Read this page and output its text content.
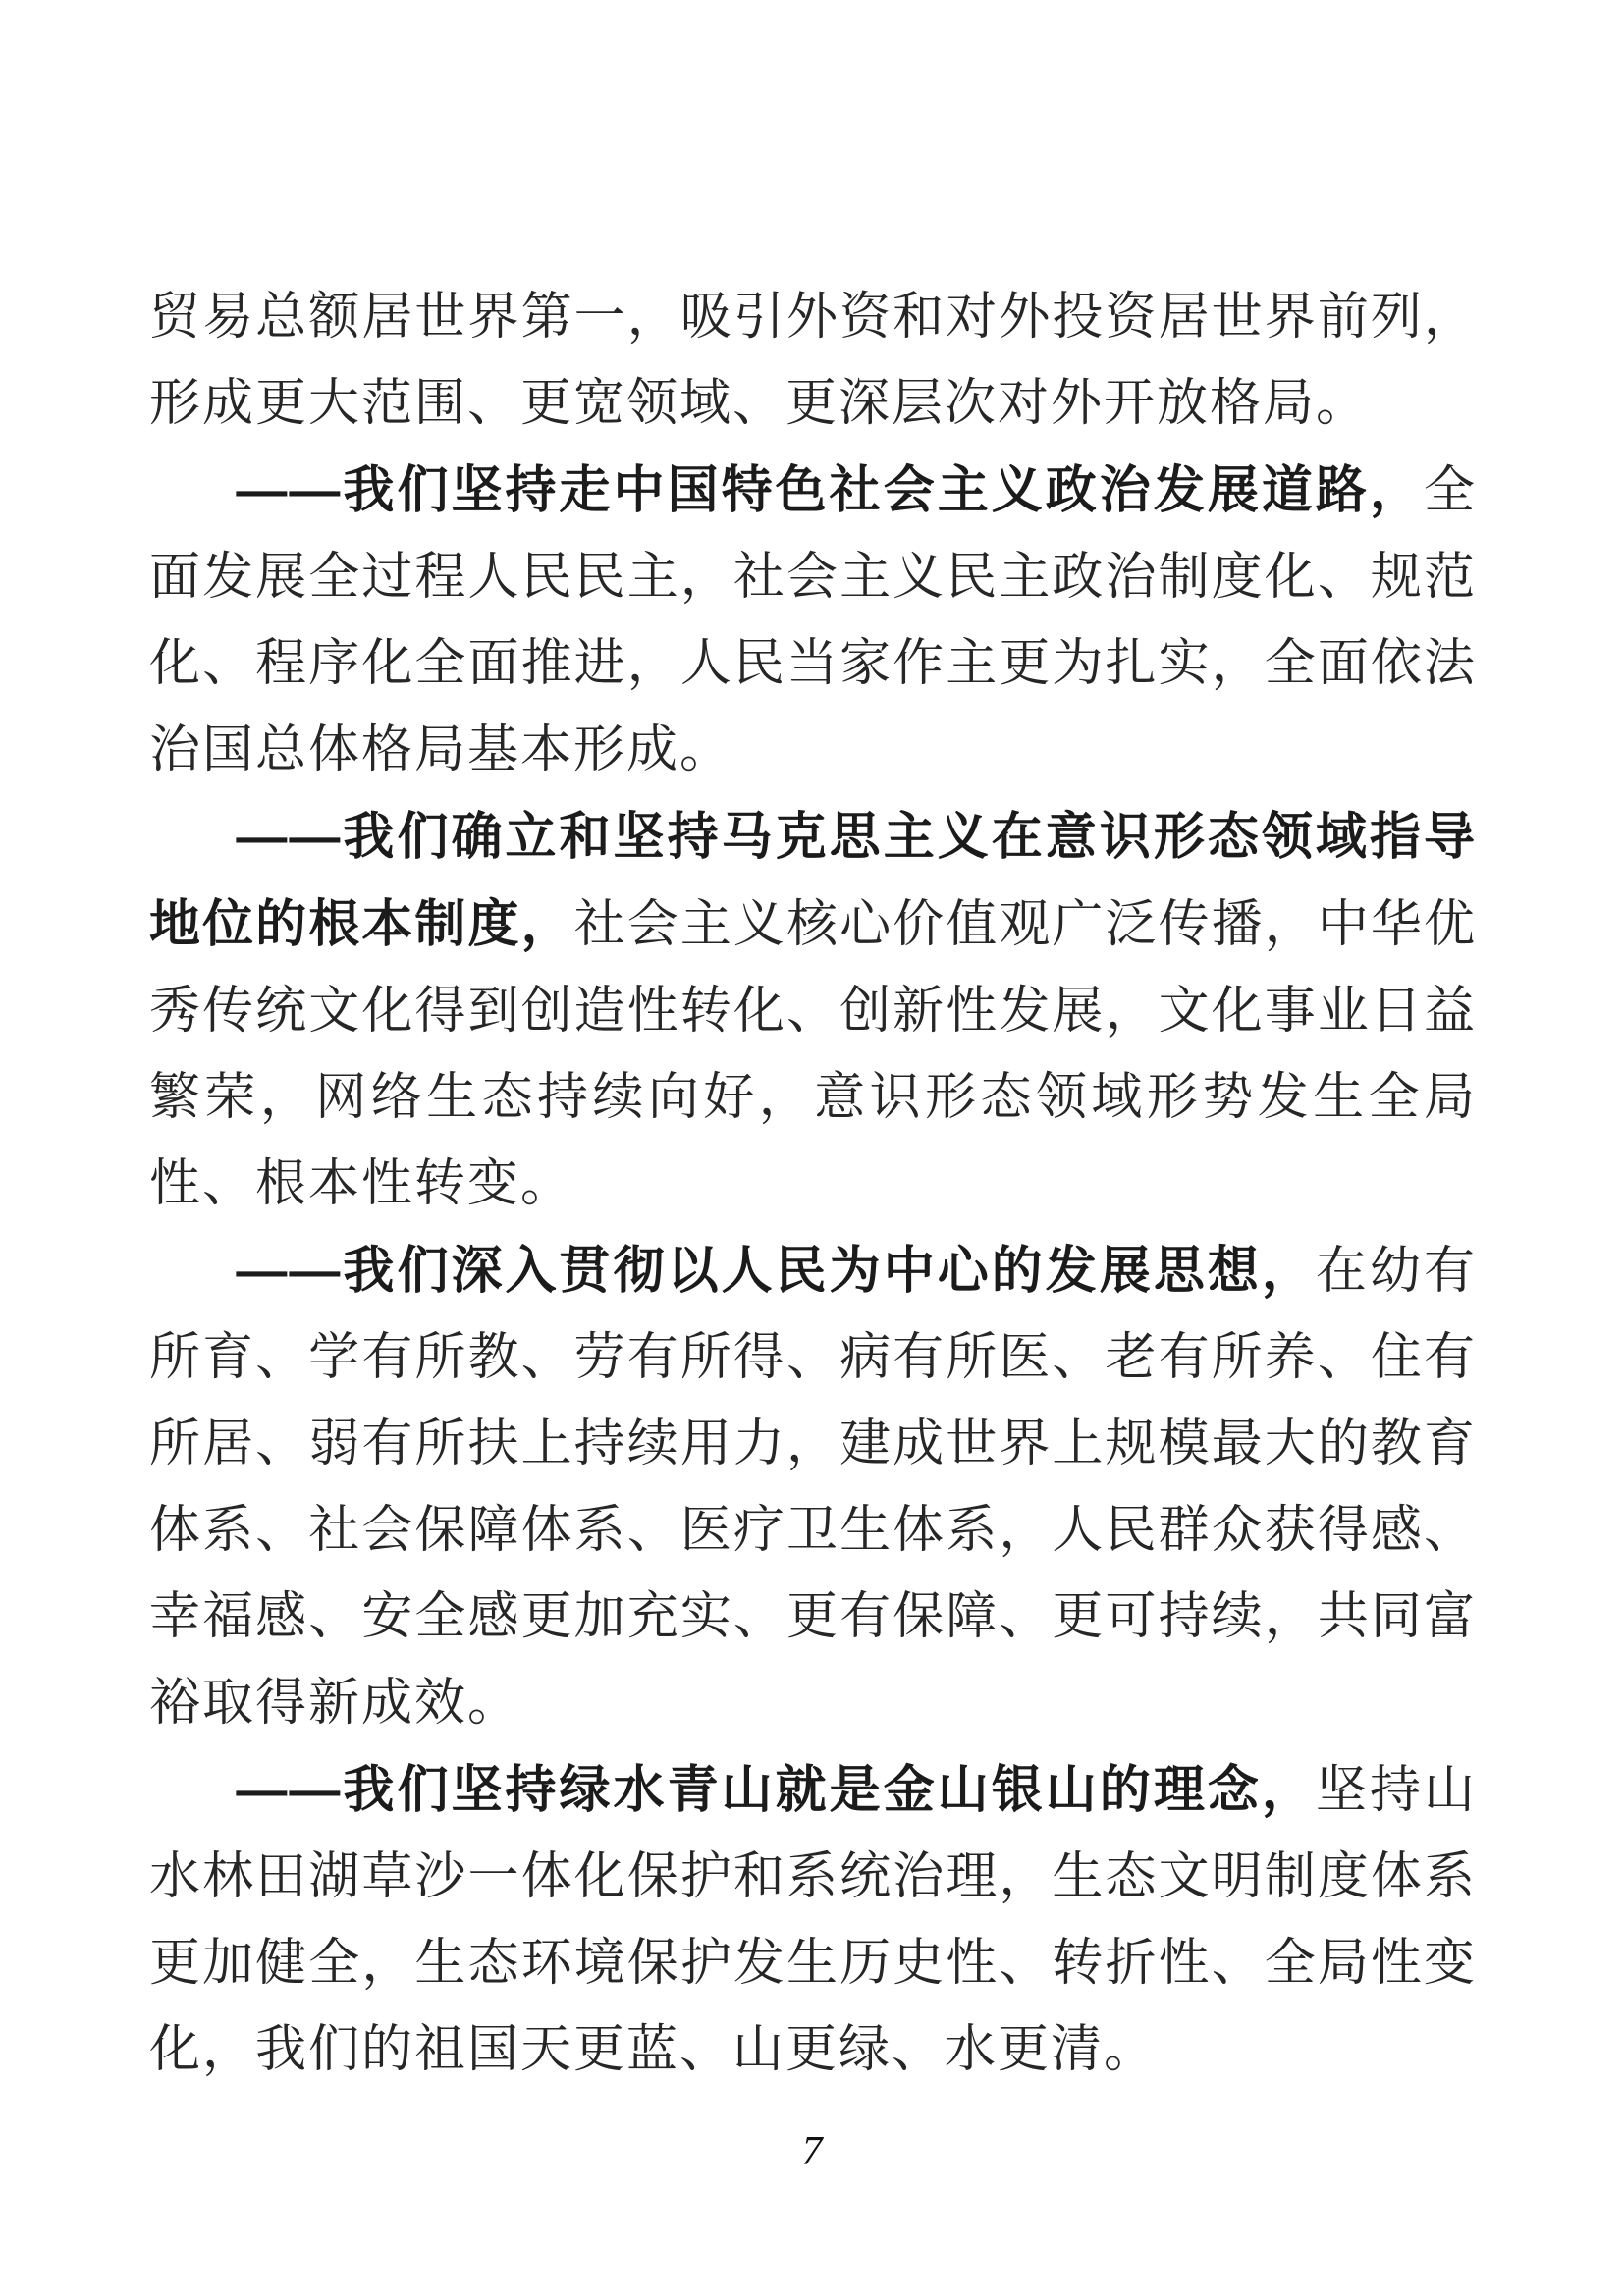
贸易总额居世界第一，吸引外资和对外投资居世界前列，形成更大范围、更宽领域、更深层次对外开放格局。

——我们坚持走中国特色社会主义政治发展道路，全面发展全过程人民民主，社会主义民主政治制度化、规范化、程序化全面推进，人民当家作主更为扎实，全面依法治国总体格局基本形成。

——我们确立和坚持马克思主义在意识形态领域指导地位的根本制度，社会主义核心价值观广泛传播，中华优秀传统文化得到创造性转化、创新性发展，文化事业日益繁荣，网络生态持续向好，意识形态领域形势发生全局性、根本性转变。

——我们深入贯彻以人民为中心的发展思想，在幼有所育、学有所教、劳有所得、病有所医、老有所养、住有所居、弱有所扶上持续用力，建成世界上规模最大的教育体系、社会保障体系、医疗卫生体系，人民群众获得感、幸福感、安全感更加充实、更有保障、更可持续，共同富裕取得新成效。

——我们坚持绿水青山就是金山银山的理念，坚持山水林田湖草沙一体化保护和系统治理，生态文明制度体系更加健全，生态环境保护发生历史性、转折性、全局性变化，我们的祖国天更蓝、山更绿、水更清。

7
